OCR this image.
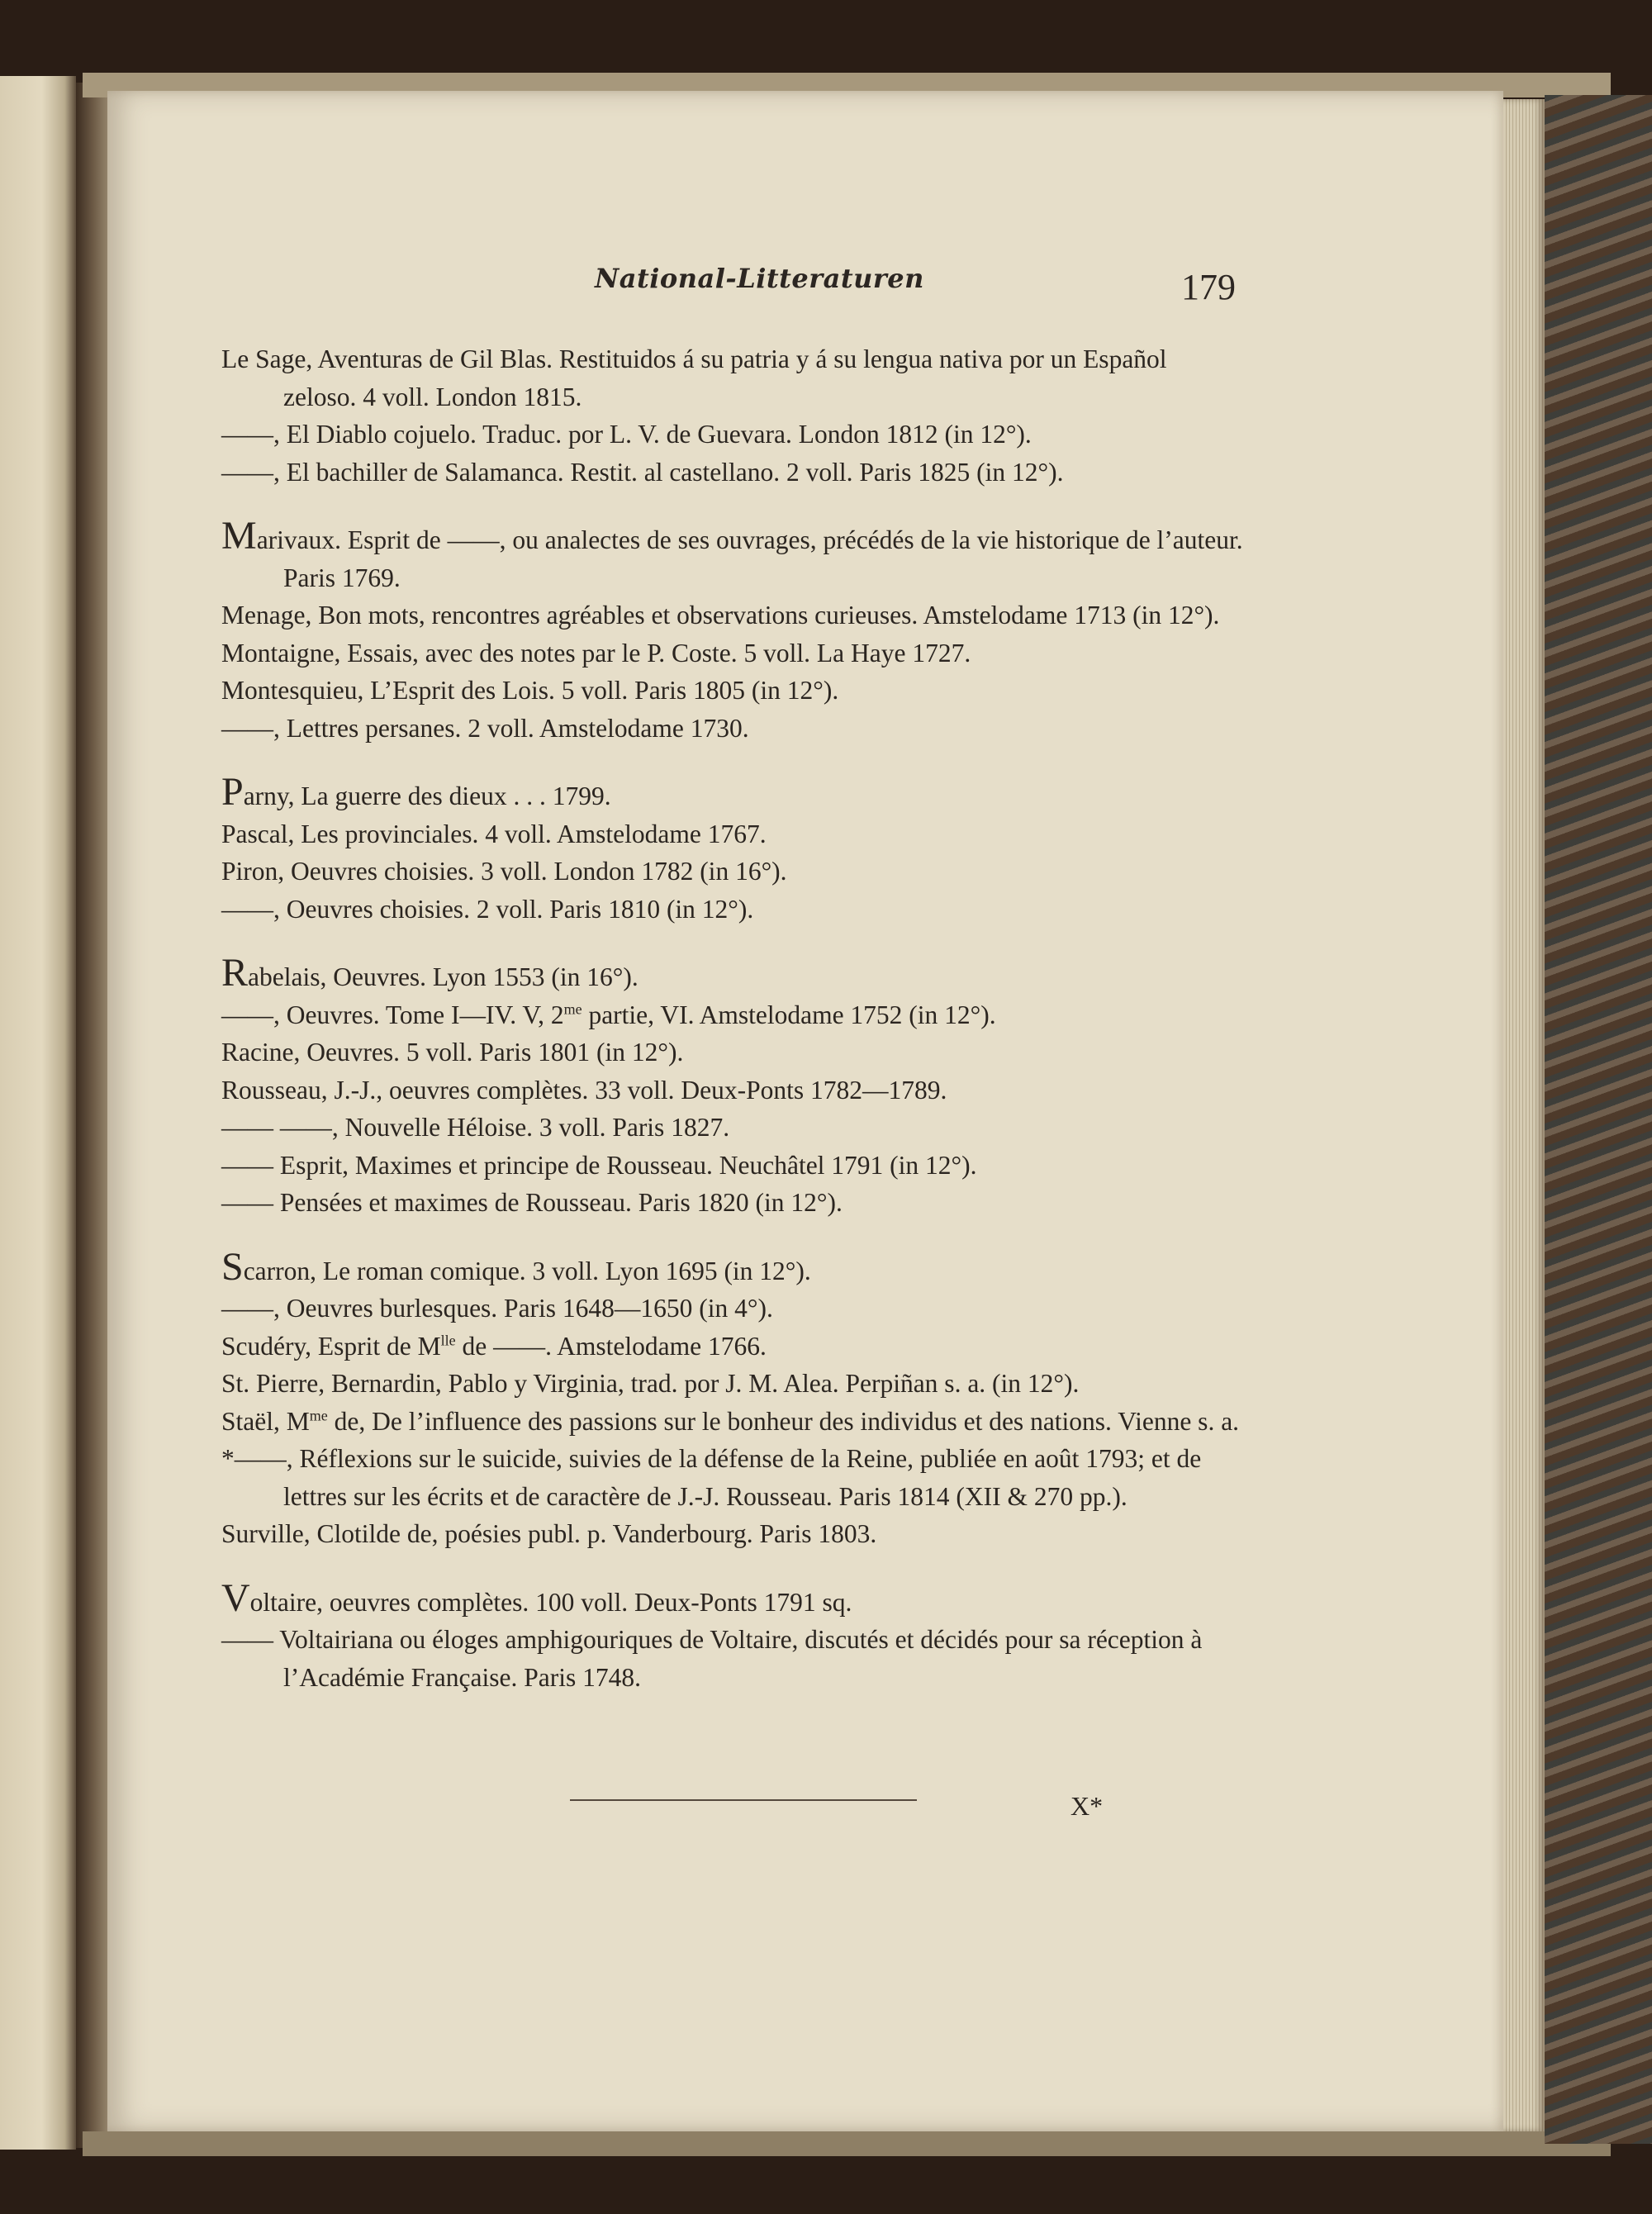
National-Litteraturen	179

Le Sage, Aventuras de Gil Blas. Restituidos á su patria y á su lengua nativa por un Español zeloso. 4 voll. London 1815.

——, El Diablo cojuelo. Traduc. por L. V. de Guevara. London 1812 (in 12°).

——, El bachiller de Salamanca. Restit. al castellano. 2 voll. Paris 1825 (in 12°).

Marivaux. Esprit de ——, ou analectes de ses ouvrages, précédés de la vie historique de l’auteur. Paris 1769.

Menage, Bon mots, rencontres agréables et observations curieuses. Amstelodame 1713 (in 12°).

Montaigne, Essais, avec des notes par le P. Coste. 5 voll. La Haye 1727.

Montesquieu, L’Esprit des Lois. 5 voll. Paris 1805 (in 12°).

——, Lettres persanes. 2 voll. Amstelodame 1730.

Parny, La guerre des dieux . . . 1799.

Pascal, Les provinciales. 4 voll. Amstelodame 1767.

Piron, Oeuvres choisies. 3 voll. London 1782 (in 16°).

——, Oeuvres choisies. 2 voll. Paris 1810 (in 12°).

Rabelais, Oeuvres. Lyon 1553 (in 16°).

——, Oeuvres. Tome I—IV. V, $2^{me}$ partie, VI. Amstelodame 1752 (in 12°).

Racine, Oeuvres. 5 voll. Paris 1801 (in 12°).

Rousseau, J.-J., oeuvres complètes. 33 voll. Deux-Ponts 1782—1789.

—— ——, Nouvelle Héloise. 3 voll. Paris 1827.

—— Esprit, Maximes et principe de Rousseau. Neuchâtel 1791 (in 12°).

—— Pensées et maximes de Rousseau. Paris 1820 (in 12°).

Scarron, Le roman comique. 3 voll. Lyon 1695 (in 12°).

——, Oeuvres burlesques. Paris 1648—1650 (in 4°).

Scudéry, Esprit de $M^{lle}$ de ——. Amstelodame 1766.

St. Pierre, Bernardin, Pablo y Virginia, trad. por J. M. Alea. Perpiñan s. a. (in 12°).

Staël, $M^{me}$ de, De l’influence des passions sur le bonheur des individus et des nations. Vienne s. a.

*——, Réflexions sur le suicide, suivies de la défense de la Reine, publiée en août 1793; et de lettres sur les écrits et de caractère de J.-J. Rousseau. Paris 1814 (XII & 270 pp.).

Surville, Clotilde de, poésies publ. p. Vanderbourg. Paris 1803.

Voltaire, oeuvres complètes. 100 voll. Deux-Ponts 1791 sq.

—— Voltairiana ou éloges amphigouriques de Voltaire, discutés et décidés pour sa réception à l’Académie Française. Paris 1748.

X*
